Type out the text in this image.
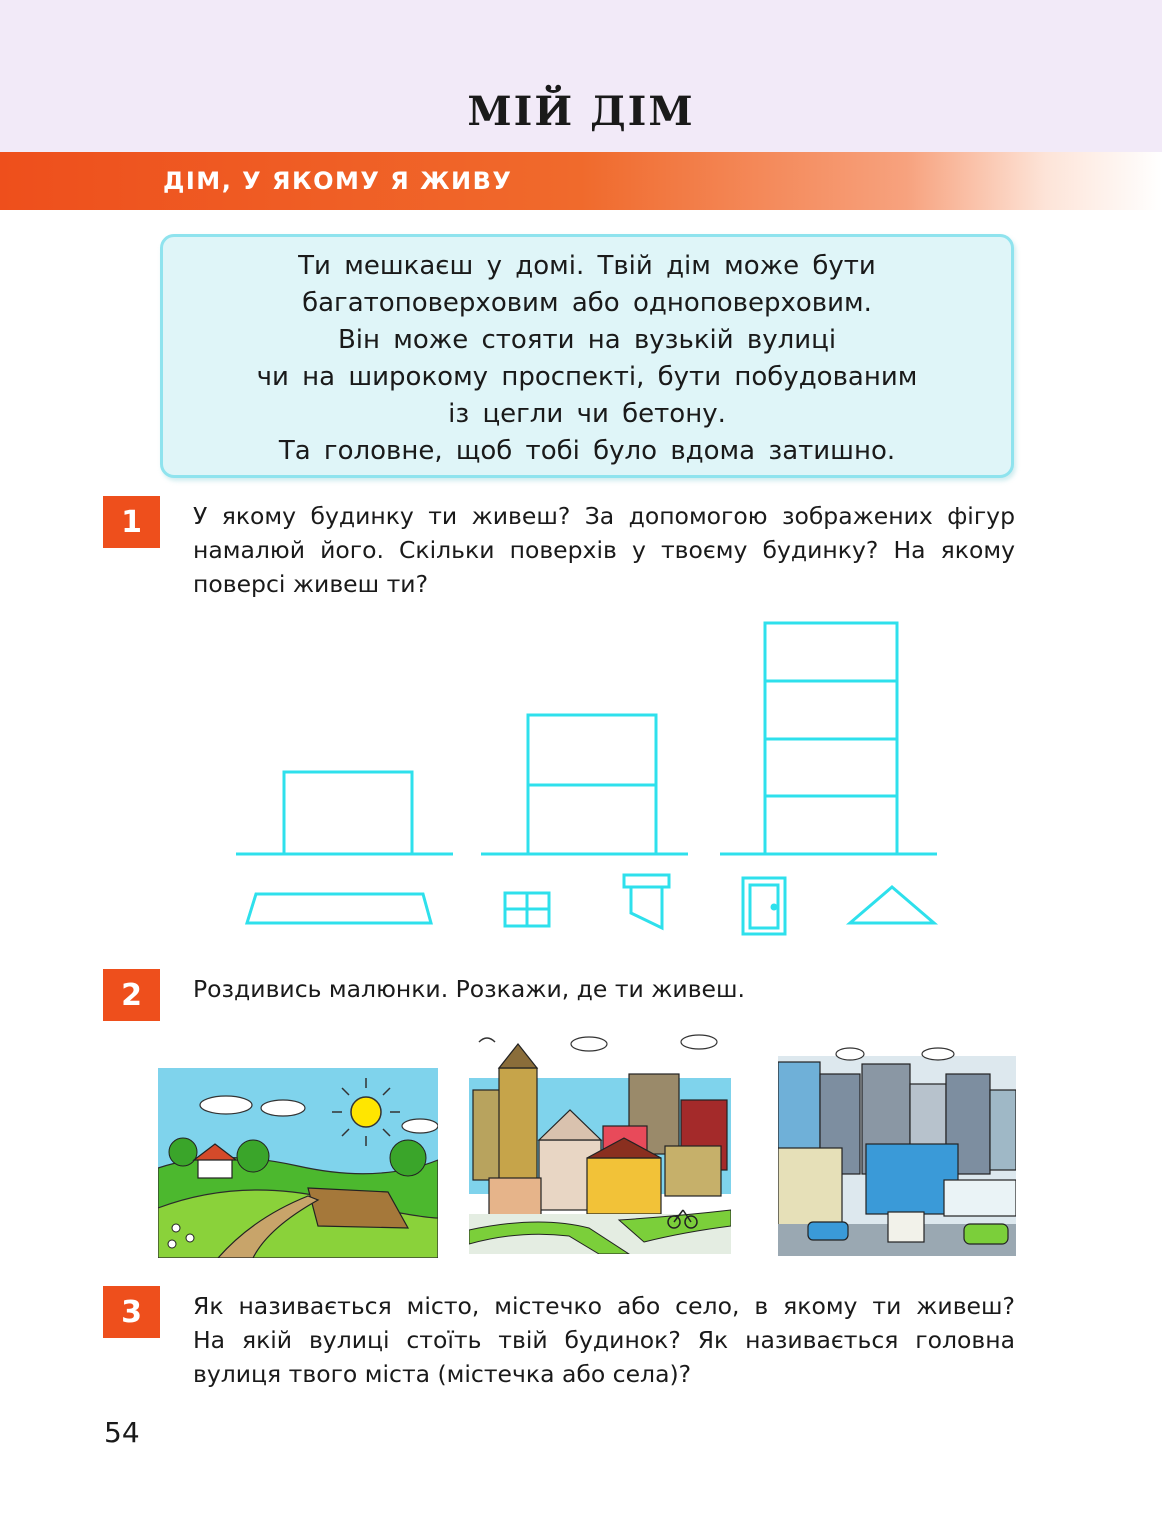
МІЙ ДІМ
ДІМ, У ЯКОМУ Я ЖИВУ
Ти мешкаєш у домі. Твій дім може бути
багатоповерховим або одноповерховим.
Він може стояти на вузькій вулиці
чи на широкому проспекті, бути побудованим
із цегли чи бетону.
Та головне, щоб тобі було вдома затишно.
1	У якому будинку ти живеш? За допомогою зображених фігур
намалюй його. Скільки поверхів у твоєму будинку? На якому
поверсі живеш ти?
2	Роздивись малюнки. Розкажи, де ти живеш.
3	Як називається місто, містечко або село, в якому ти живеш?
На якій вулиці стоїть твій будинок? Як називається головна
вулиця твого міста (містечка або села)?
54
